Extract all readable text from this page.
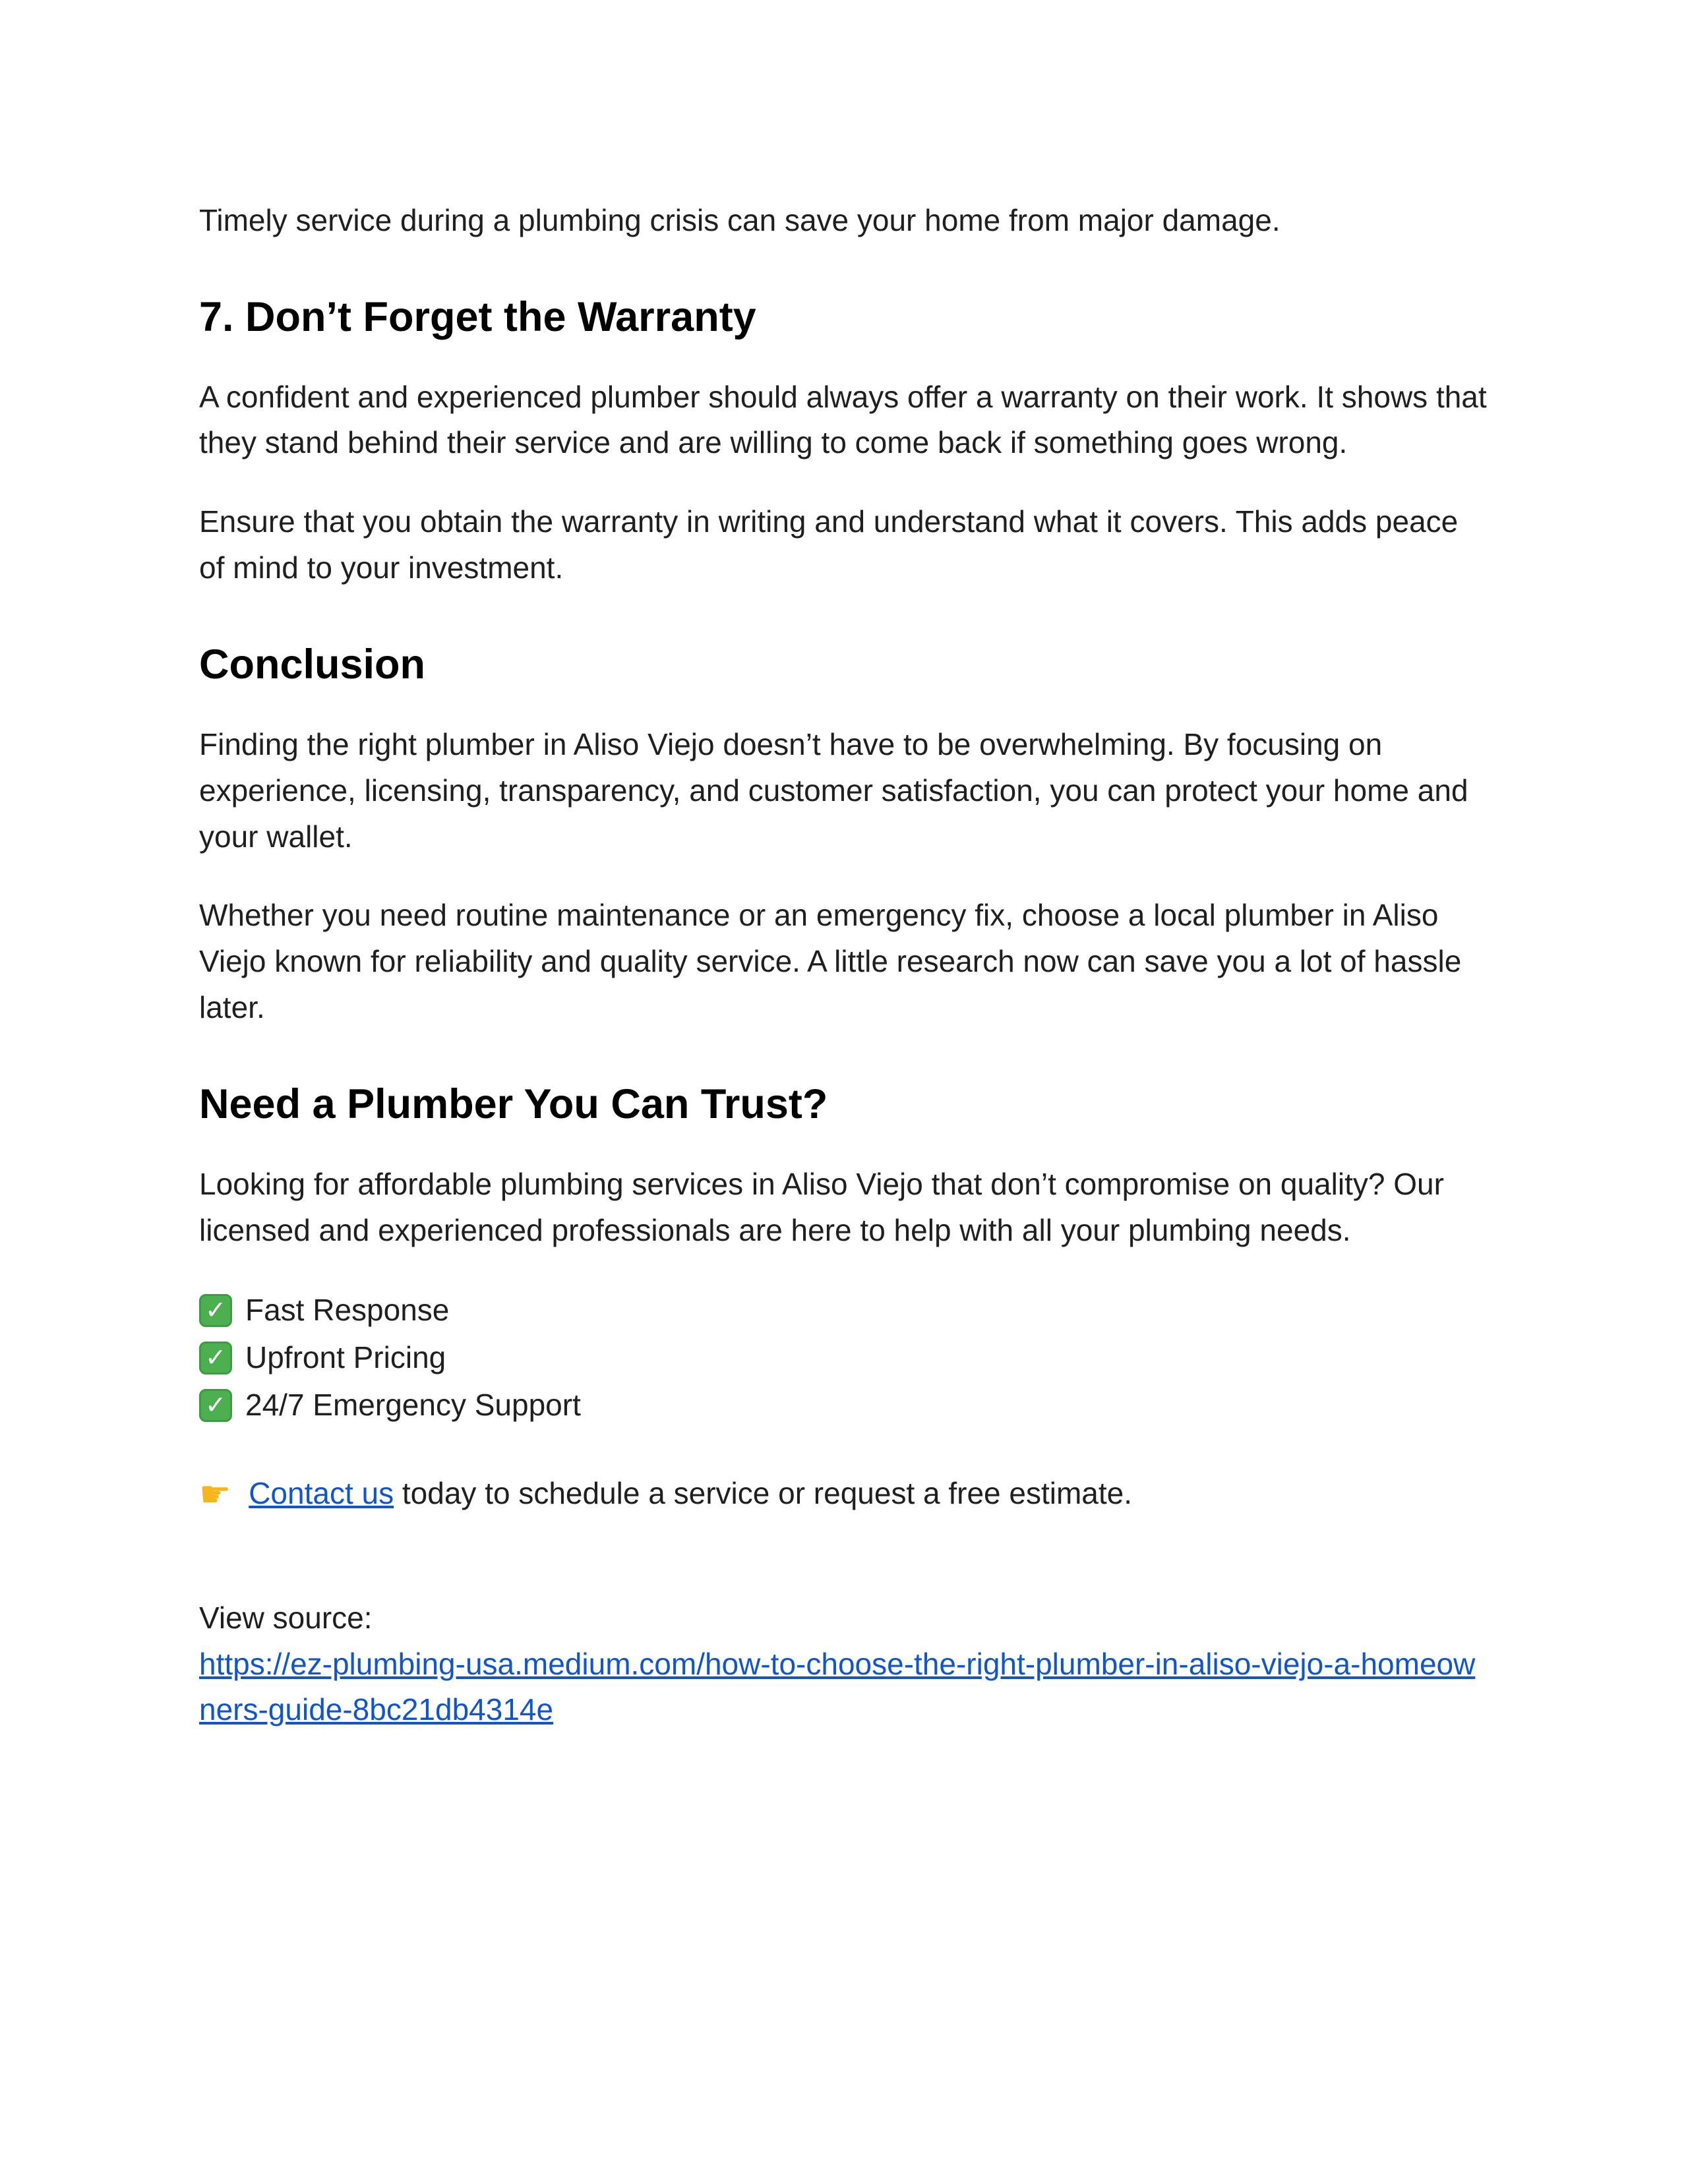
Timely service during a plumbing crisis can save your home from major damage.

7. Don’t Forget the Warranty

A confident and experienced plumber should always offer a warranty on their work. It shows that they stand behind their service and are willing to come back if something goes wrong.

Ensure that you obtain the warranty in writing and understand what it covers. This adds peace of mind to your investment.

Conclusion

Finding the right plumber in Aliso Viejo doesn’t have to be overwhelming. By focusing on experience, licensing, transparency, and customer satisfaction, you can protect your home and your wallet.

Whether you need routine maintenance or an emergency fix, choose a local plumber in Aliso Viejo known for reliability and quality service. A little research now can save you a lot of hassle later.

Need a Plumber You Can Trust?

Looking for affordable plumbing services in Aliso Viejo that don’t compromise on quality? Our licensed and experienced professionals are here to help with all your plumbing needs.

✓ Fast Response
✓ Upfront Pricing
✓ 24/7 Emergency Support

☛ Contact us today to schedule a service or request a free estimate.

View source:

https://ez-plumbing-usa.medium.com/how-to-choose-the-right-plumber-in-aliso-viejo-a-homeowners-guide-8bc21db4314e
